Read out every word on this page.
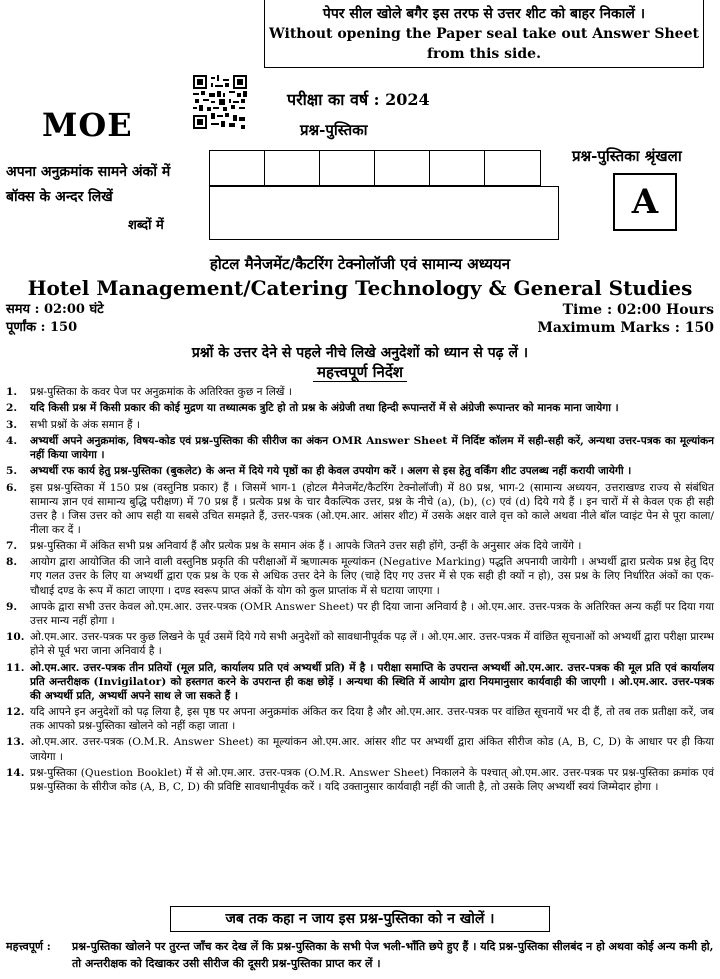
पेपर सील खोले बगैर इस तरफ से उत्तर शीट को बाहर निकालें ।
Without opening the Paper seal take out Answer Sheet
from this side.
MOE
परीक्षा का वर्ष : 2024
प्रश्न-पुस्तिका
प्रश्न-पुस्तिका श्रृंखला
A
अपना अनुक्रमांक सामने अंकों में
बॉक्स के अन्दर लिखें
शब्दों में
होटल मैनेजमेंट/कैटरिंग टेक्नोलॉजी एवं सामान्य अध्ययन
Hotel Management/Catering Technology & General Studies
समय : 02:00 घंटे
पूर्णांक : 150
Time : 02:00 Hours
Maximum Marks : 150
प्रश्नों के उत्तर देने से पहले नीचे लिखे अनुदेशों को ध्यान से पढ़ लें ।
महत्त्वपूर्ण निर्देश
1.	प्रश्न-पुस्तिका के कवर पेज पर अनुक्रमांक के अतिरिक्त कुछ न लिखें ।
2.	यदि किसी प्रश्न में किसी प्रकार की कोई मुद्रण या तथ्यात्मक त्रुटि हो तो प्रश्न के अंग्रेजी तथा हिन्दी रूपान्तरों में से अंग्रेजी रूपान्तर को मानक माना जायेगा ।
3.	सभी प्रश्नों के अंक समान हैं ।
4.	अभ्यर्थी अपने अनुक्रमांक, विषय-कोड एवं प्रश्न-पुस्तिका की सीरीज का अंकन OMR Answer Sheet में निर्दिष्ट कॉलम में सही-सही करें, अन्यथा उत्तर-पत्रक का मूल्यांकन नहीं किया जायेगा ।
5.	अभ्यर्थी रफ कार्य हेतु प्रश्न-पुस्तिका (बुकलेट) के अन्त में दिये गये पृष्ठों का ही केवल उपयोग करें । अलग से इस हेतु वर्किंग शीट उपलब्ध नहीं करायी जायेगी ।
6.	इस प्रश्न-पुस्तिका में 150 प्रश्न (वस्तुनिष्ठ प्रकार) हैं । जिसमें भाग-1 (होटल मैनेजमेंट/कैटरिंग टेक्नोलॉजी) में 80 प्रश्न, भाग-2 (सामान्य अध्ययन, उत्तराखण्ड राज्य से संबंधित सामान्य ज्ञान एवं सामान्य बुद्धि परीक्षण) में 70 प्रश्न हैं । प्रत्येक प्रश्न के चार वैकल्पिक उत्तर, प्रश्न के नीचे (a), (b), (c) एवं (d) दिये गये हैं । इन चारों में से केवल एक ही सही उत्तर है । जिस उत्तर को आप सही या सबसे उचित समझते हैं, उत्तर-पत्रक (ओ.एम.आर. आंसर शीट) में उसके अक्षर वाले वृत्त को काले अथवा नीले बॉल प्वाइंट पेन से पूरा काला/नीला कर दें ।
7.	प्रश्न-पुस्तिका में अंकित सभी प्रश्न अनिवार्य हैं और प्रत्येक प्रश्न के समान अंक हैं । आपके जितने उत्तर सही होंगे, उन्हीं के अनुसार अंक दिये जायेंगे ।
8.	आयोग द्वारा आयोजित की जाने वाली वस्तुनिष्ठ प्रकृति की परीक्षाओं में ऋणात्मक मूल्यांकन (Negative Marking) पद्धति अपनायी जायेगी । अभ्यर्थी द्वारा प्रत्येक प्रश्न हेतु दिए गए गलत उत्तर के लिए या अभ्यर्थी द्वारा एक प्रश्न के एक से अधिक उत्तर देने के लिए (चाहे दिए गए उत्तर में से एक सही ही क्यों न हो), उस प्रश्न के लिए निर्धारित अंकों का एक-चौथाई दण्ड के रूप में काटा जाएगा । दण्ड स्वरूप प्राप्त अंकों के योग को कुल प्राप्तांक में से घटाया जाएगा ।
9.	आपके द्वारा सभी उत्तर केवल ओ.एम.आर. उत्तर-पत्रक (OMR Answer Sheet) पर ही दिया जाना अनिवार्य है । ओ.एम.आर. उत्तर-पत्रक के अतिरिक्त अन्य कहीं पर दिया गया उत्तर मान्य नहीं होगा ।
10. ओ.एम.आर. उत्तर-पत्रक पर कुछ लिखने के पूर्व उसमें दिये गये सभी अनुदेशों को सावधानीपूर्वक पढ़ लें । ओ.एम.आर. उत्तर-पत्रक में वांछित सूचनाओं को अभ्यर्थी द्वारा परीक्षा प्रारम्भ होने से पूर्व भरा जाना अनिवार्य है ।
11. ओ.एम.आर. उत्तर-पत्रक तीन प्रतियों (मूल प्रति, कार्यालय प्रति एवं अभ्यर्थी प्रति) में है । परीक्षा समाप्ति के उपरान्त अभ्यर्थी ओ.एम.आर. उत्तर-पत्रक की मूल प्रति एवं कार्यालय प्रति अन्तरीक्षक (Invigilator) को हस्तगत करने के उपरान्त ही कक्ष छोड़ें । अन्यथा की स्थिति में आयोग द्वारा नियमानुसार कार्यवाही की जाएगी । ओ.एम.आर. उत्तर-पत्रक की अभ्यर्थी प्रति, अभ्यर्थी अपने साथ ले जा सकते हैं ।
12. यदि आपने इन अनुदेशों को पढ़ लिया है, इस पृष्ठ पर अपना अनुक्रमांक अंकित कर दिया है और ओ.एम.आर. उत्तर-पत्रक पर वांछित सूचनायें भर दी हैं, तो तब तक प्रतीक्षा करें, जब तक आपको प्रश्न-पुस्तिका खोलने को नहीं कहा जाता ।
13. ओ.एम.आर. उत्तर-पत्रक (O.M.R. Answer Sheet) का मूल्यांकन ओ.एम.आर. आंसर शीट पर अभ्यर्थी द्वारा अंकित सीरीज कोड (A, B, C, D) के आधार पर ही किया जायेगा ।
14. प्रश्न-पुस्तिका (Question Booklet) में से ओ.एम.आर. उत्तर-पत्रक (O.M.R. Answer Sheet) निकालने के पश्चात् ओ.एम.आर. उत्तर-पत्रक पर प्रश्न-पुस्तिका क्रमांक एवं प्रश्न-पुस्तिका के सीरीज कोड (A, B, C, D) की प्रविष्टि सावधानीपूर्वक करें । यदि उक्तानुसार कार्यवाही नहीं की जाती है, तो उसके लिए अभ्यर्थी स्वयं जिम्मेदार होगा ।
जब तक कहा न जाय इस प्रश्न-पुस्तिका को न खोलें ।
महत्त्वपूर्ण :	प्रश्न-पुस्तिका खोलने पर तुरन्त जाँच कर देख लें कि प्रश्न-पुस्तिका के सभी पेज भली-भाँति छपे हुए हैं । यदि प्रश्न-पुस्तिका सीलबंद न हो अथवा कोई अन्य कमी हो, तो अन्तरीक्षक को दिखाकर उसी सीरीज की दूसरी प्रश्न-पुस्तिका प्राप्त कर लें ।
